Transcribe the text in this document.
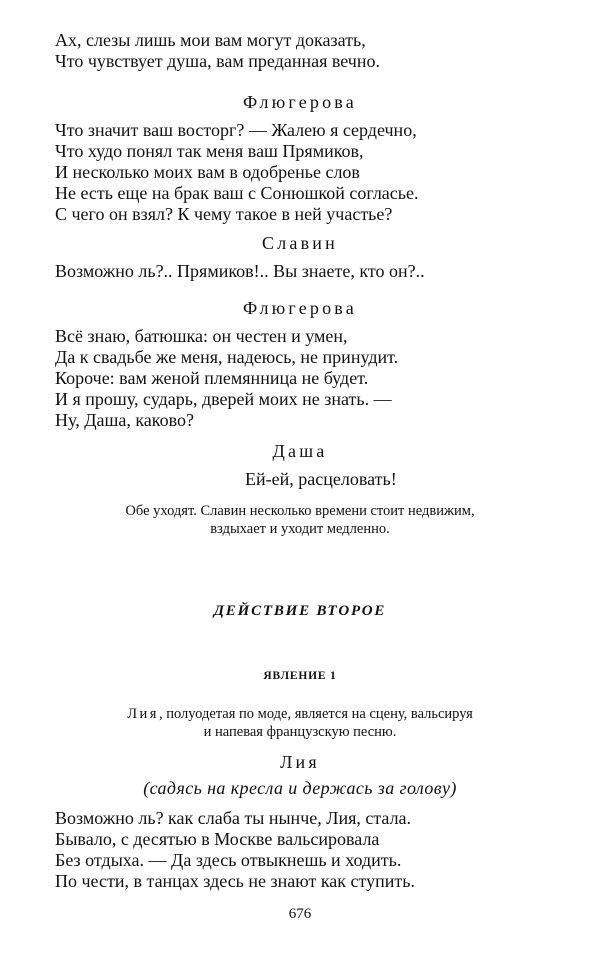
Ах, слезы лишь мои вам могут доказать,
Что чувствует душа, вам преданная вечно.
Флюгерова
Что значит ваш восторг? — Жалею я сердечно,
Что худо понял так меня ваш Прямиков,
И несколько моих вам в одобренье слов
Не есть еще на брак ваш с Сонюшкой согласье.
С чего он взял? К чему такое в ней участье?
Славин
Возможно ль?.. Прямиков!.. Вы знаете, кто он?..
Флюгерова
Всё знаю, батюшка: он честен и умен,
Да к свадьбе же меня, надеюсь, не принудит.
Короче: вам женой племянница не будет.
И я прошу, сударь, дверей моих не знать. —
Ну, Даша, каково?
Даша
Ей-ей, расцеловать!
Обе уходят. Славин несколько времени стоит недвижим,
вздыхает и уходит медленно.
ДЕЙСТВИЕ ВТОРОЕ
ЯВЛЕНИЕ 1
Лия, полуодетая по моде, является на сцену, вальсируя
и напевая французскую песню.
Лия
(садясь на кресла и держась за голову)
Возможно ль? как слаба ты нынче, Лия, стала.
Бывало, с десятью в Москве вальсировала
Без отдыха. — Да здесь отвыкнешь и ходить.
По чести, в танцах здесь не знают как ступить.
676
